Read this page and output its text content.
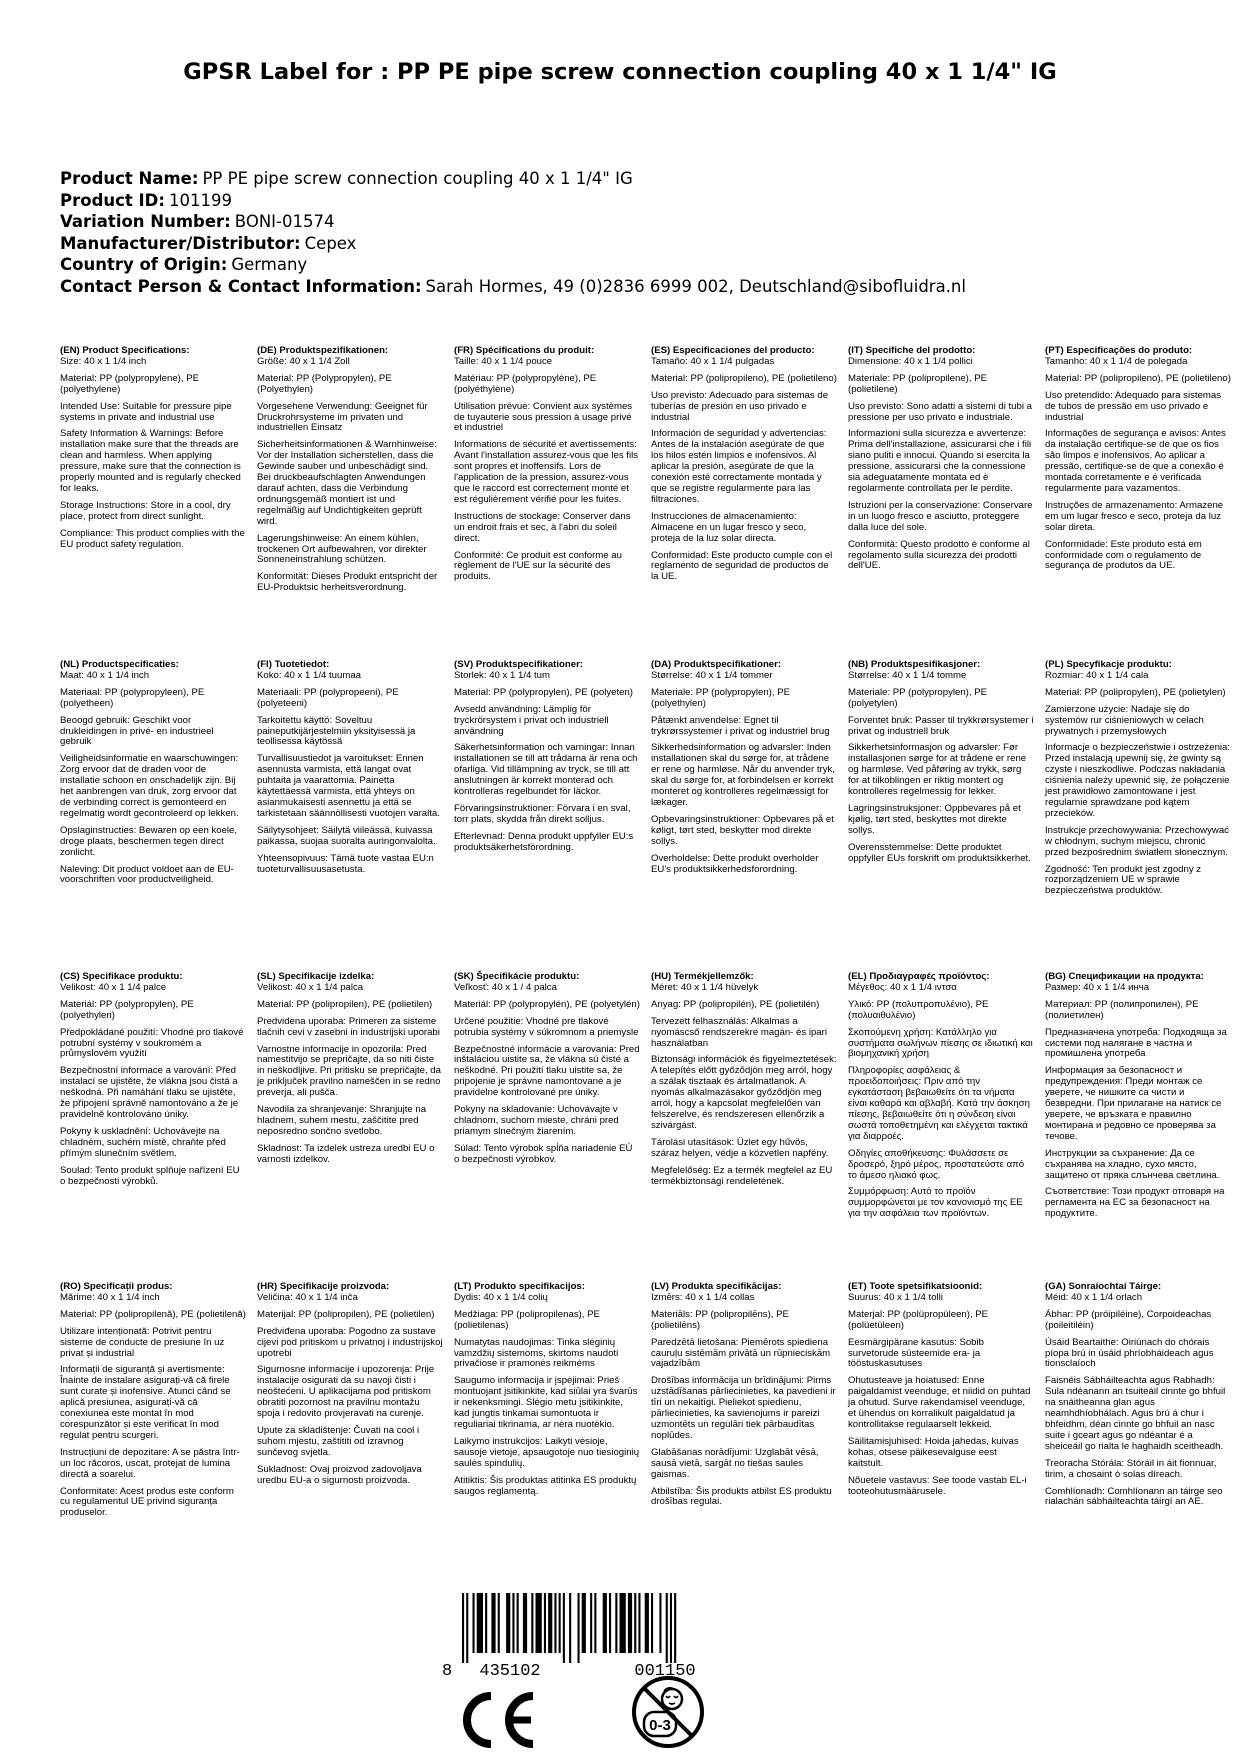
GPSR Label for : PP PE pipe screw connection coupling 40 x 1 1/4" IG
Product Name: PP PE pipe screw connection coupling 40 x 1 1/4" IG
Product ID: 101199
Variation Number: BONI-01574
Manufacturer/Distributor: Cepex
Country of Origin: Germany
Contact Person & Contact Information: Sarah Hormes, 49 (0)2836 6999 002, Deutschland@sibofluidra.nl
(EN) Product Specifications:
Size: 40 x 1 1/4 inch
Material: PP (polypropylene), PE (polyethylene)
Intended Use: Suitable for pressure pipe systems in private and industrial use
Safety Information & Warnings: Before installation make sure that the threads are clean and harmless. When applying pressure, make sure that the connection is properly mounted and is regularly checked for leaks.
Storage Instructions: Store in a cool, dry place, protect from direct sunlight.
Compliance: This product complies with the EU product safety regulation.
(DE) Produktspezifikationen:
Größe: 40 x 1 1/4 Zoll
Material: PP (Polypropylen), PE (Polyethylen)
Vorgesehene Verwendung: Geeignet für Druckrohrsysteme im privaten und industriellen Einsatz
Sicherheitsinformationen & Warnhinweise: Vor der Installation sicherstellen, dass die Gewinde sauber und unbeschädigt sind. Bei druckbeaufschlagten Anwendungen darauf achten, dass die Verbindung ordnungsgemäß montiert ist und regelmäßig auf Undichtigkeiten geprüft wird.
Lagerungshinweise: An einem kühlen, trockenen Ort aufbewahren, vor direkter Sonneneinstrahlung schützen.
Konformität: Dieses Produkt entspricht der EU-Produktsic herheitsverordnung.
(FR) Spécifications du produit:
Taille: 40 x 1 1/4 pouce
Matériau: PP (polypropylène), PE (polyéthylène)
Utilisation prévue: Convient aux systèmes de tuyauterie sous pression à usage privé et industriel
Informations de sécurité et avertissements: Avant l'installation assurez-vous que les fils sont propres et inoffensifs. Lors de l'application de la pression, assurez-vous que le raccord est correctement monté et est régulièrement vérifié pour les fuites.
Instructions de stockage: Conserver dans un endroit frais et sec, à l'abri du soleil direct.
Conformité: Ce produit est conforme au règlement de l'UE sur la sécurité des produits.
(ES) Especificaciones del producto:
Tamaño: 40 x 1 1/4 pulgadas
Material: PP (polipropileno), PE (polietileno)
Uso previsto: Adecuado para sistemas de tuberías de presión en uso privado e industrial
Información de seguridad y advertencias: Antes de la instalación asegúrate de que los hilos estén limpios e inofensivos. Al aplicar la presión, asegúrate de que la conexión esté correctamente montada y que se registre regularmente para las filtraciones.
Instrucciones de almacenamiento: Almacene en un lugar fresco y seco, proteja de la luz solar directa.
Conformidad: Este producto cumple con el reglamento de seguridad de productos de la UE.
(IT) Specifiche del prodotto:
Dimensione: 40 x 1 1/4 pollici
Materiale: PP (polipropilene), PE (polietilene)
Uso previsto: Sono adatti a sistemi di tubi a pressione per uso privato e industriale.
Informazioni sulla sicurezza e avvertenze: Prima dell'installazione, assicurarsi che i fili siano puliti e innocui. Quando si esercita la pressione, assicurarsi che la connessione sia adeguatamente montata ed è regolarmente controllata per le perdite.
Istruzioni per la conservazione: Conservare in un luogo fresco e asciutto, proteggere dalla luce del sole.
Conformità: Questo prodotto è conforme al regolamento sulla sicurezza dei prodotti dell'UE.
(PT) Especificações do produto:
Tamanho: 40 x 1 1/4 de polegada
Material: PP (polipropileno), PE (polietileno)
Uso pretendido: Adequado para sistemas de tubos de pressão em uso privado e industrial
Informações de segurança e avisos: Antes da instalação certifique-se de que os fios são limpos e inofensivos. Ao aplicar a pressão, certifique-se de que a conexão é montada corretamente e é verificada regularmente para vazamentos.
Instruções de armazenamento: Armazene em um lugar fresco e seco, proteja da luz solar direta.
Conformidade: Este produto está em conformidade com o regulamento de segurança de produtos da UE.
(NL) Productspecificaties:
Maat: 40 x 1 1/4 inch
Materiaal: PP (polypropyleen), PE (polyetheen)
Beoogd gebruik: Geschikt voor drukleidingen in privé- en industrieel gebruik
Veiligheidsinformatie en waarschuwingen: Zorg ervoor dat de draden voor de installatie schoon en onschadelijk zijn. Bij het aanbrengen van druk, zorg ervoor dat de verbinding correct is gemonteerd en regelmatig wordt gecontroleerd op lekken.
Opslaginstructies: Bewaren op een koele, droge plaats, beschermen tegen direct zonlicht.
Naleving: Dit product voldoet aan de EU-voorschriften voor productveiligheid.
(FI) Tuotetiedot:
Koko: 40 x 1 1/4 tuumaa
Materiaali: PP (polypropeeni), PE (polyeteeni)
Tarkoitettu käyttö: Soveltuu paineputkijärjestelmiin yksityisessä ja teollisessa käytössä
Turvallisuustiedot ja varoitukset: Ennen asennusta varmista, että langat ovat puhtaita ja vaarattomia. Painetta käytettäessä varmista, että yhteys on asianmukaisesti asennettu ja että se tarkistetaan säännöllisesti vuotojen varalta.
Säilytysohjeet: Säilytä viileässä, kuivassa paikassa, suojaa suoralta auringonvalolta.
Yhteensopivuus: Tämä tuote vastaa EU:n tuoteturvallisuusasetusta.
(SV) Produktspecifikationer:
Storlek: 40 x 1 1/4 tum
Material: PP (polypropylen), PE (polyeten)
Avsedd användning: Lämplig för tryckrörsystem i privat och industriell användning
Säkerhetsinformation och varningar: Innan installationen se till att trådarna är rena och ofarliga. Vid tillämpning av tryck, se till att anslutningen är korrekt monterad och kontrolleras regelbundet för läckor.
Förvaringsinstruktioner: Förvara i en sval, torr plats, skydda från direkt solljus.
Efterlevnad: Denna produkt uppfyller EU:s produktsäkerhetsförordning.
(DA) Produktspecifikationer:
Størrelse: 40 x 1 1/4 tommer
Materiale: PP (polypropylen), PE (polyethylen)
Påtænkt anvendelse: Egnet til trykrørssystemer i privat og industriel brug
Sikkerhedsinformation og advarsler: Inden installationen skal du sørge for, at trådene er rene og harmløse. Når du anvender tryk, skal du sørge for, at forbindelsen er korrekt monteret og kontrolleres regelmæssigt for lækager.
Opbevaringsinstruktioner: Opbevares på et køligt, tørt sted, beskytter mod direkte sollys.
Overholdelse: Dette produkt overholder EU's produktsikkerhedsforordning.
(NB) Produktspesifikasjoner:
Størrelse: 40 x 1 1/4 tomme
Materiale: PP (polypropylen), PE (polyetylen)
Forventet bruk: Passer til trykkrørsystemer i privat og industriell bruk
Sikkerhetsinformasjon og advarsler: Før installasjonen sørge for at trådene er rene og harmløse. Ved påføring av trykk, sørg for at tilkoblingen er riktig montert og kontrolleres regelmessig for lekker.
Lagringsinstruksjoner: Oppbevares på et kjølig, tørt sted, beskyttes mot direkte sollys.
Overensstemmelse: Dette produktet oppfyller EUs forskrift om produktsikkerhet.
(PL) Specyfikacje produktu:
Rozmiar: 40 x 1 1/4 cala
Materiał: PP (polipropylen), PE (polietylen)
Zamierzone użycie: Nadaje się do systemów rur ciśnieniowych w celach prywatnych i przemysłowych
Informacje o bezpieczeństwie i ostrzeżenia: Przed instalacją upewnij się, że gwinty są czyste i nieszkodliwe. Podczas nakładania ciśnienia należy upewnić się, że połączenie jest prawidłowo zamontowane i jest regularnie sprawdzane pod kątem przecieków.
Instrukcje przechowywania: Przechowywać w chłodnym, suchym miejscu, chronić przed bezpośrednim światłem słonecznym.
Zgodność: Ten produkt jest zgodny z rozporządzeniem UE w sprawie bezpieczeństwa produktów.
(CS) Specifikace produktu:
Velikost: 40 x 1 1/4 palce
Materiál: PP (polypropylen), PE (polyethylen)
Předpokládané použití: Vhodné pro tlakové potrubní systémy v soukromém a průmyslovém využití
Bezpečnostní informace a varování: Před instalací se ujistěte, že vlákna jsou čistá a neškodná. Při namáhání tlaku se ujistěte, že připojení správně namontováno a že je pravidelně kontrolováno úniky.
Pokyny k uskladnění: Uchovávejte na chladném, suchém místě, chraňte před přímým slunečním světlem.
Soulad: Tento produkt splňuje nařízení EU o bezpečnosti výrobků.
(SL) Specifikacije izdelka:
Velikost: 40 x 1 1/4 palca
Material: PP (polipropilen), PE (polietilen)
Predvidena uporaba: Primeren za sisteme tlačnih cevi v zasebni in industrijski uporabi
Varnostne informacije in opozorila: Pred namestitvijo se prepričajte, da so niti čiste in neškodljive. Pri pritisku se prepričajte, da je priključek pravilno nameščen in se redno preverja, ali pušča.
Navodila za shranjevanje: Shranjujte na hladnem, suhem mestu, zaščitite pred neposredno sončno svetlobo.
Skladnost: Ta izdelek ustreza uredbi EU o varnosti izdelkov.
(SK) Špecifikácie produktu:
Veľkosť: 40 x 1 / 4 palca
Materiál: PP (polypropylén), PE (polyetylén)
Určené použitie: Vhodné pre tlakové potrubia systémy v súkromnom a priemysle
Bezpečnostné informácie a varovania: Pred inštaláciou uistite sa, že vlákna sú čisté a neškodné. Pri použití tlaku uistite sa, že pripojenie je správne namontované a je pravidelne kontrolované pre úniky.
Pokyny na skladovanie: Uchovávajte v chladnom, suchom mieste, chráni pred priamym slnečným žiarením.
Súlad: Tento výrobok spĺňa nariadenie EÚ o bezpečnosti výrobkov.
(HU) Termékjellemzők:
Méret: 40 x 1 1/4 hüvelyk
Anyag: PP (polipropilén), PE (polietilén)
Tervezett felhasználás: Alkalmas a nyomáscső rendszerekre magán- és ipari használatban
Biztonsági információk és figyelmeztetések: A telepítés előtt győződjön meg arról, hogy a szálak tisztaak és ártalmatlanok. A nyomás alkalmazásakor győződjön meg arról, hogy a kapcsolat megfelelően van felszerelve, és rendszeresen ellenőrzik a szivárgást.
Tárolási utasítások: Üzlet egy hűvös, száraz helyen, védje a közvetlen napfény.
Megfelelőség: Ez a termék megfelel az EU termékbiztonsági rendeletének.
(EL) Προδιαγραφές προϊόντος:
Μέγεθος: 40 x 1 1/4 ιντσα
Υλικό: PP (πολυπροπυλένιο), PE (πολυαιθυλένιο)
Σκοπούμενη χρήση: Κατάλληλο για συστήματα σωλήνων πίεσης σε ιδιωτική και βιομηχανική χρήση
Πληροφορίες ασφάλειας & προειδοποιήσεις: Πριν από την εγκατάσταση βεβαιωθείτε ότι τα νήματα είναι καθαρά και αβλαβή. Κατά την άσκηση πίεσης, βεβαιωθείτε ότι η σύνδεση είναι σωστά τοποθετημένη και ελέγχεται τακτικά για διαρροές.
Οδηγίες αποθήκευσης: Φυλάσσετε σε δροσερό, ξηρό μέρος, προστατεύστε από το άμεσο ηλιακό φως.
Συμμόρφωση: Αυτό το προϊόν συμμορφώνεται με τον κανονισμό της ΕΕ για την ασφάλεια των προϊόντων.
(BG) Спецификации на продукта:
Размер: 40 x 1 1/4 инча
Материал: PP (полипропилен), PE (полиетилен)
Предназначена употреба: Подходяща за системи под налягане в частна и промишлена употреба
Информация за безопасност и предупреждения: Преди монтаж се уверете, че нишките са чисти и безвредни. При прилагане на натиск се уверете, че връзката е правилно монтирана и редовно се проверява за течове.
Инструкции за съхранение: Да се съхранява на хладно, сухо място, защитено от пряка слънчева светлина.
Съответствие: Този продукт отговаря на регламента на ЕС за безопасност на продуктите.
(RO) Specificații produs:
Mărime: 40 x 1 1/4 inch
Material: PP (polipropilenă), PE (polietilenă)
Utilizare intenționată: Potrivit pentru sisteme de conducte de presiune în uz privat și industrial
Informații de siguranță și avertismente: Înainte de instalare asigurați-vă că firele sunt curate și inofensive. Atunci când se aplică presiunea, asigurați-vă că conexiunea este montat în mod corespunzător și este verificat în mod regulat pentru scurgeri.
Instrucțiuni de depozitare: A se păstra într- un loc răcoros, uscat, protejat de lumina directă a soarelui.
Conformitate: Acest produs este conform cu regulamentul UE privind siguranța produselor.
(HR) Specifikacije proizvoda:
Veličina: 40 x 1 1/4 inča
Materijal: PP (polipropilen), PE (polietilen)
Predviđena uporaba: Pogodno za sustave cijevi pod pritiskom u privatnoj i industrijskoj upotrebi
Sigurnosne informacije i upozorenja: Prije instalacije osigurati da su navoji čisti i neoštećeni. U aplikacijama pod pritiskom obratiti pozornost na pravilnu montažu spoja i redovito provjeravati na curenje.
Upute za skladištenje: Čuvati na cool i suhom mjestu, zaštititi od izravnog sunčevog svjetla.
Sukladnost: Ovaj proizvod zadovoljava uredbu EU-a o sigurnosti proizvoda.
(LT) Produkto specifikacijos:
Dydis: 40 x 1 1/4 colių
Medžiaga: PP (polipropilenas), PE (polietilenas)
Numatytas naudojimas: Tinka slėginių vamzdžių sistemoms, skirtoms naudoti privačiose ir pramonės reikmėms
Saugumo informacija ir įspėjimai: Prieš montuojant įsitikinkite, kad siūlai yra švarūs ir nekenksmingi. Slėgio metu įsitikinkite, kad jungtis tinkamai sumontuota ir reguliariai tikrinama, ar nėra nuotėkio.
Laikymo instrukcijos: Laikyti vėsioje, sausoje vietoje, apsaugotoje nuo tiesioginių saulės spindulių.
Atitiktis: Šis produktas atitinka ES produktų saugos reglamentą.
(LV) Produkta specifikācijas:
Izmērs: 40 x 1 1/4 collas
Materiāls: PP (polipropilēns), PE (polietilēns)
Paredzētā lietošana: Piemērots spiediena cauruļu sistēmām privātā un rūpnieciskām vajadzībām
Drošības informācija un brīdinājumi: Pirms uzstādīšanas pārliecinieties, ka pavedieni ir tīri un nekaitīgi. Pieliekot spiedienu, pārliecinieties, ka savienojums ir pareizi uzmontēts un regulāri tiek pārbaudītas noplūdes.
Glabāšanas norādījumi: Uzglabāt vēsā, sausā vietā, sargāt no tiešas saules gaismas.
Atbilstība: Šis produkts atbilst ES produktu drošības regulai.
(ET) Toote spetsifikatsioonid:
Suurus: 40 x 1 1/4 tolli
Materjal: PP (polüpropüleen), PE (polüetüleen)
Eesmärgipärane kasutus: Sobib survetorude süsteemide era- ja tööstuskasutuses
Ohutusteave ja hoiatused: Enne paigaldamist veenduge, et niidid on puhtad ja ohutud. Surve rakendamisel veenduge, et ühendus on korralikult paigaldatud ja kontrollitakse regulaarselt lekkeid.
Säilitamisjuhised: Hoida jahedas, kuivas kohas, otsese päikesevalguse eest kaitstult.
Nõuetele vastavus: See toode vastab EL-i tooteohutusmäärusele.
(GA) Sonraíochtaí Táirge:
Méid: 40 x 1 1/4 orlach
Ábhar: PP (próipiléine), Corpoideachas (poileitiléin)
Úsáid Beartaithe: Oiriúnach do chórais píopa brú in úsáid phríobháideach agus tionsclaíoch
Faisnéis Sábháilteachta agus Rabhadh: Sula ndéanann an tsuiteáil cinnte go bhfuil na snáitheanna glan agus neamhdhíobhálach. Agus brú á chur i bhfeidhm, déan cinnte go bhfuil an nasc suite i gceart agus go ndéantar é a sheiceáil go rialta le haghaidh sceitheadh.
Treoracha Stórála: Stóráil in áit fionnuar, tirim, a chosaint ó solas díreach.
Comhlíonadh: Comhlíonann an táirge seo rialachán sábháilteachta táirgí an AE.
8 435102	001150
0-3
